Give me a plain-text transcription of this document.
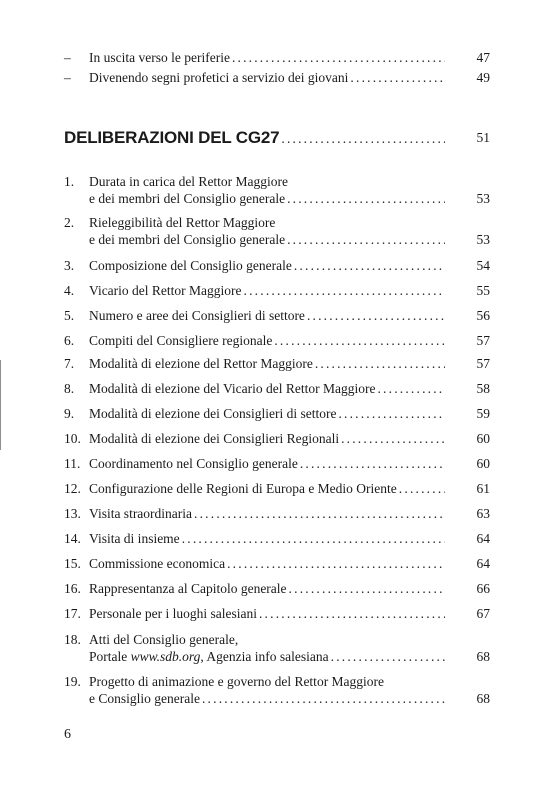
– In uscita verso le periferie .....	47
– Divenendo segni profetici a servizio dei giovani .....	49
DELIBERAZIONI DEL CG27 .....	51
1. Durata in carica del Rettor Maggiore
e dei membri del Consiglio generale .....	53
2. Rieleggibilità del Rettor Maggiore
e dei membri del Consiglio generale .....	53
3. Composizione del Consiglio generale .....	54
4. Vicario del Rettor Maggiore .....	55
5. Numero e aree dei Consiglieri di settore .....	56
6. Compiti del Consigliere regionale .....	57
7. Modalità di elezione del Rettor Maggiore .....	57
8. Modalità di elezione del Vicario del Rettor Maggiore .....	58
9. Modalità di elezione dei Consiglieri di settore .....	59
10. Modalità di elezione dei Consiglieri Regionali .....	60
11. Coordinamento nel Consiglio generale .....	60
12. Configurazione delle Regioni di Europa e Medio Oriente .....	61
13. Visita straordinaria .....	63
14. Visita di insieme .....	64
15. Commissione economica .....	64
16. Rappresentanza al Capitolo generale .....	66
17. Personale per i luoghi salesiani .....	67
18. Atti del Consiglio generale,
Portale www.sdb.org, Agenzia info salesiana .....	68
19. Progetto di animazione e governo del Rettor Maggiore
e Consiglio generale .....	68
6
